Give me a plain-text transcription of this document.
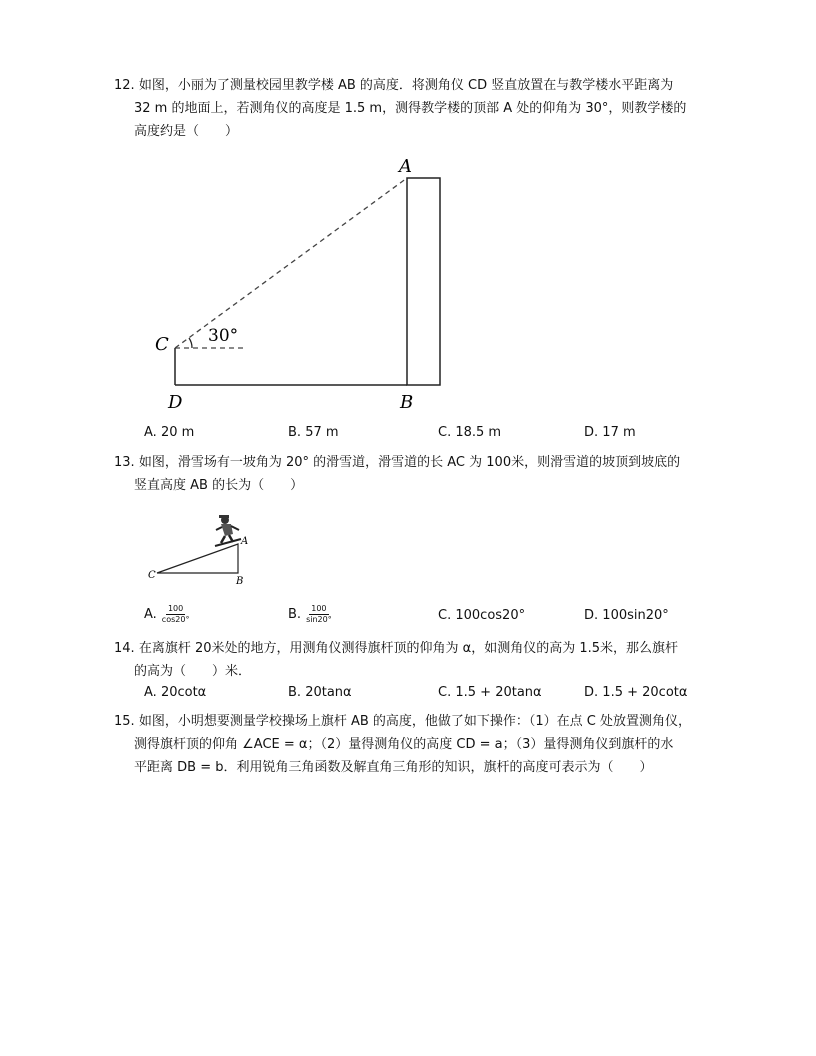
12. 如图，小丽为了测量校园里教学楼 AB 的高度．将测角仪 CD 竖直放置在与教学楼水平距离为
32 m 的地面上，若测角仪的高度是 1.5 m，测得教学楼的顶部 A 处的仰角为 30°，则教学楼的
高度约是（　　）
30°
A
C
D	B
A. 20 m	B. 57 m	C. 18.5 m	D. 17 m
13. 如图，滑雪场有一坡角为 20° 的滑雪道，滑雪道的长 AC 为 100米，则滑雪道的坡顶到坡底的
竖直高度 AB 的长为（　　）
A
B
C
A. $\frac{100}{\cos 20^\circ}$	B. $\frac{100}{\sin 20^\circ}$	C. 100cos20°	D. 100sin20°
14. 在离旗杆 20米处的地方，用测角仪测得旗杆顶的仰角为 α，如测角仪的高为 1.5米，那么旗杆
的高为（　　）米．
A. 20cotα	B. 20tanα	C. 1.5 + 20tanα	D. 1.5 + 20cotα
15. 如图，小明想要测量学校操场上旗杆 AB 的高度，他做了如下操作：（1）在点 C 处放置测角仪，
测得旗杆顶的仰角 ∠ACE = α；（2）量得测角仪的高度 CD = a；（3）量得测角仪到旗杆的水
平距离 DB = b．利用锐角三角函数及解直角三角形的知识，旗杆的高度可表示为（　　）
